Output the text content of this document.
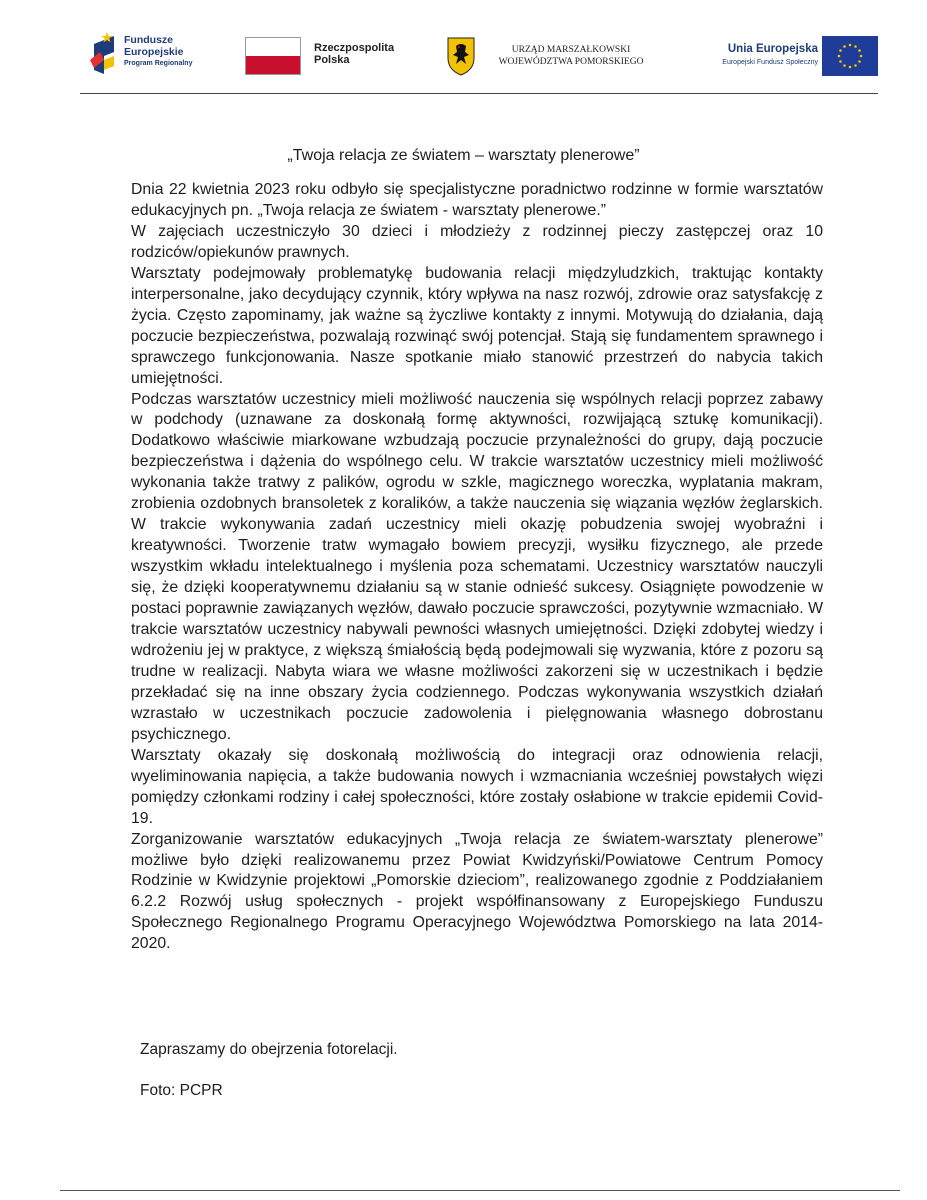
Fundusze
Europejskie
Program Regionalny
Rzeczpospolita
Polska
URZĄD MARSZAŁKOWSKI
WOJEWÓDZTWA POMORSKIEGO
Unia Europejska
Europejski Fundusz Społeczny
„Twoja relacja ze światem – warsztaty plenerowe”

Dnia 22 kwietnia 2023 roku odbyło się specjalistyczne poradnictwo rodzinne w formie warsztatów edukacyjnych pn. „Twoja relacja ze światem - warsztaty plenerowe.”

W zajęciach uczestniczyło 30 dzieci i młodzieży z rodzinnej pieczy zastępczej oraz 10 rodziców/opiekunów prawnych.

Warsztaty podejmowały problematykę budowania relacji międzyludzkich, traktując kontakty interpersonalne, jako decydujący czynnik, który wpływa na nasz rozwój, zdrowie oraz satysfakcję z życia. Często zapominamy, jak ważne są życzliwe kontakty z innymi. Motywują do działania, dają poczucie bezpieczeństwa, pozwalają rozwinąć swój potencjał. Stają się fundamentem sprawnego i sprawczego funkcjonowania. Nasze spotkanie miało stanowić przestrzeń do nabycia takich umiejętności.

Podczas warsztatów uczestnicy mieli możliwość nauczenia się wspólnych relacji poprzez zabawy w podchody (uznawane za doskonałą formę aktywności, rozwijającą sztukę komunikacji). Dodatkowo właściwie miarkowane wzbudzają poczucie przynależności do grupy, dają poczucie bezpieczeństwa i dążenia do wspólnego celu. W trakcie warsztatów uczestnicy mieli możliwość wykonania także tratwy z palików, ogrodu w szkle, magicznego woreczka, wyplatania makram, zrobienia ozdobnych bransoletek z koralików, a także nauczenia się wiązania węzłów żeglarskich. W trakcie wykonywania zadań uczestnicy mieli okazję pobudzenia swojej wyobraźni i kreatywności. Tworzenie tratw wymagało bowiem precyzji, wysiłku fizycznego, ale przede wszystkim wkładu intelektualnego i myślenia poza schematami. Uczestnicy warsztatów nauczyli się, że dzięki kooperatywnemu działaniu są w stanie odnieść sukcesy. Osiągnięte powodzenie w postaci poprawnie zawiązanych węzłów, dawało poczucie sprawczości, pozytywnie wzmacniało. W trakcie warsztatów uczestnicy nabywali pewności własnych umiejętności. Dzięki zdobytej wiedzy i wdrożeniu jej w praktyce, z większą śmiałością będą podejmowali się wyzwania, które z pozoru są trudne w realizacji. Nabyta wiara we własne możliwości zakorzeni się w uczestnikach i będzie przekładać się na inne obszary życia codziennego. Podczas wykonywania wszystkich działań wzrastało w uczestnikach poczucie zadowolenia i pielęgnowania własnego dobrostanu psychicznego.

Warsztaty okazały się doskonałą możliwością do integracji oraz odnowienia relacji, wyeliminowania napięcia, a także budowania nowych i wzmacniania wcześniej powstałych więzi pomiędzy członkami rodziny i całej społeczności, które zostały osłabione w trakcie epidemii Covid-19.

Zorganizowanie warsztatów edukacyjnych „Twoja relacja ze światem-warsztaty plenerowe” możliwe było dzięki realizowanemu przez Powiat Kwidzyński/Powiatowe Centrum Pomocy Rodzinie w Kwidzynie projektowi „Pomorskie dzieciom”, realizowanego zgodnie z Poddziałaniem 6.2.2 Rozwój usług społecznych - projekt współfinansowany z Europejskiego Funduszu Społecznego Regionalnego Programu Operacyjnego Województwa Pomorskiego na lata 2014-2020.

Zapraszamy do obejrzenia fotorelacji.
Foto: PCPR
